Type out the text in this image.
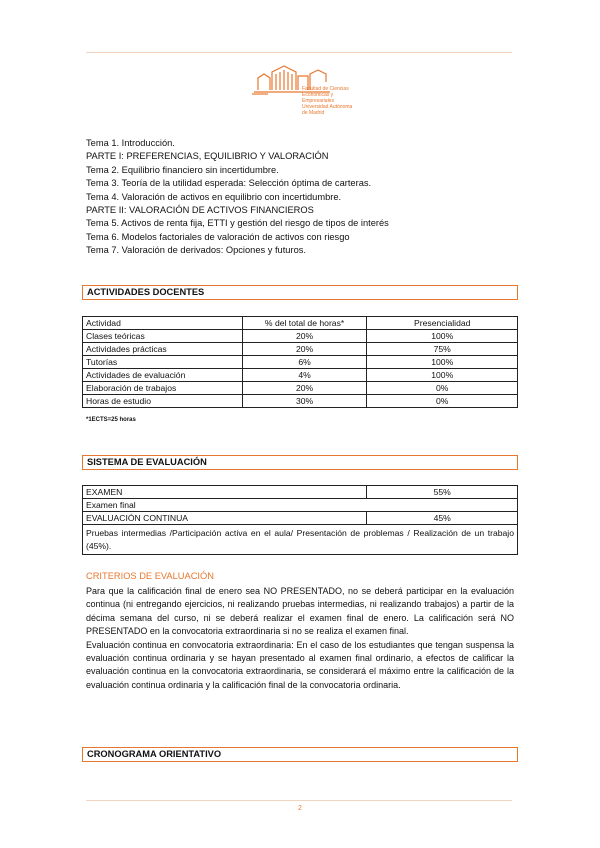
Facultad de Ciencias
Económicas y Empresariales
Universidad Autónoma de Madrid
Tema 1. Introducción.
PARTE I: PREFERENCIAS, EQUILIBRIO Y VALORACIÓN
Tema 2. Equilibrio financiero sin incertidumbre.
Tema 3. Teoría de la utilidad esperada: Selección óptima de carteras.
Tema 4. Valoración de activos en equilibrio con incertidumbre.
PARTE II: VALORACIÓN DE ACTIVOS FINANCIEROS
Tema 5. Activos de renta fija, ETTI y gestión del riesgo de tipos de interés
Tema 6. Modelos factoriales de valoración de activos con riesgo
Tema 7. Valoración de derivados: Opciones y futuros.
ACTIVIDADES DOCENTES
Actividad	% del total de horas*	Presencialidad
Clases teóricas	20%	100%
Actividades prácticas	20%	75%
Tutorías	6%	100%
Actividades de evaluación	4%	100%
Elaboración de trabajos	20%	0%
Horas de estudio	30%	0%
*1ECTS=25 horas
SISTEMA DE EVALUACIÓN
EXAMEN	55%
Examen final	
EVALUACIÓN CONTINUA	45%
Pruebas intermedias /Participación activa en el aula/ Presentación de problemas / Realización de un trabajo (45%).	
CRITERIOS DE EVALUACIÓN

Para que la calificación final de enero sea NO PRESENTADO, no se deberá participar en la evaluación continua (ni entregando ejercicios, ni realizando pruebas intermedias, ni realizando trabajos) a partir de la décima semana del curso, ni se deberá realizar el examen final de enero. La calificación será NO PRESENTADO en la convocatoria extraordinaria si no se realiza el examen final.

Evaluación continua en convocatoria extraordinaria: En el caso de los estudiantes que tengan suspensa la evaluación continua ordinaria y se hayan presentado al examen final ordinario, a efectos de calificar la evaluación continua en la convocatoria extraordinaria, se considerará el máximo entre la calificación de la evaluación continua ordinaria y la calificación final de la convocatoria ordinaria.

CRONOGRAMA ORIENTATIVO
2
